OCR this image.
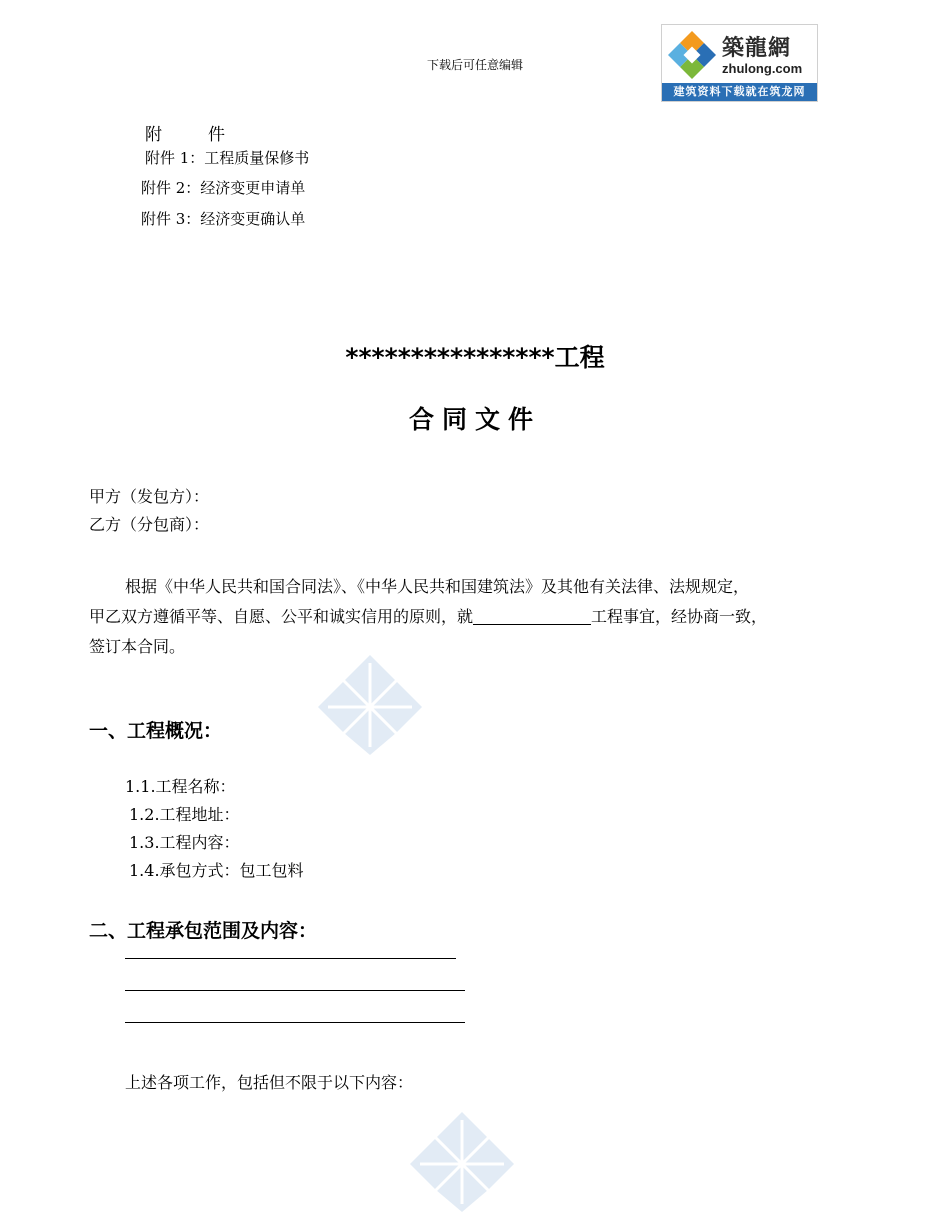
下载后可任意编辑
築龍網
zhulong.com
建筑资料下载就在筑龙网
附	件
附件 1：工程质量保修书
附件 2：经济变更申请单
附件 3：经济变更确认单
****************工程
合同文件
甲方（发包方）：
乙方（分包商）：

根据《中华人民共和国合同法》、《中华人民共和国建筑法》及其他有关法律、法规规定，

甲乙双方遵循平等、自愿、公平和诚实信用的原则，就	工程事宜，经协商一致，

签订本合同。

一、工程概况：
1.1.工程名称：
1.2.工程地址：
1.3.工程内容：
1.4.承包方式：包工包料
二、工程承包范围及内容：
上述各项工作，包括但不限于以下内容：
